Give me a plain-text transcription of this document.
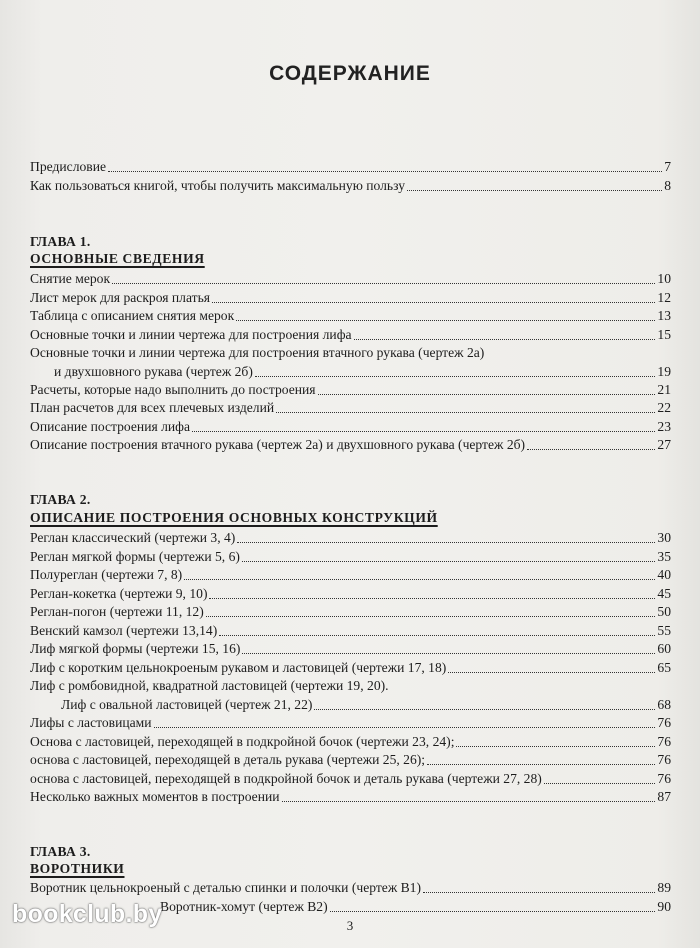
СОДЕРЖАНИЕ
Предисловие	7
Как пользоваться книгой, чтобы получить максимальную пользу	8
ГЛАВА 1.
ОСНОВНЫЕ СВЕДЕНИЯ
Снятие мерок	10
Лист мерок для раскроя платья	12
Таблица с описанием снятия мерок	13
Основные точки и линии чертежа для построения лифа	15
Основные точки и линии чертежа для построения втачного рукава (чертеж 2а)
и двухшовного рукава (чертеж 2б)	19
Расчеты, которые надо выполнить до построения	21
План расчетов для всех плечевых изделий	22
Описание построения лифа	23
Описание построения втачного рукава (чертеж 2а) и двухшовного рукава (чертеж 2б)	27
ГЛАВА 2.
ОПИСАНИЕ ПОСТРОЕНИЯ ОСНОВНЫХ КОНСТРУКЦИЙ
Реглан классический (чертежи 3, 4)	30
Реглан мягкой формы (чертежи 5, 6)	35
Полуреглан (чертежи 7, 8)	40
Реглан-кокетка (чертежи 9, 10)	45
Реглан-погон (чертежи 11, 12)	50
Венский камзол (чертежи 13,14)	55
Лиф мягкой формы (чертежи 15, 16)	60
Лиф с коротким цельнокроеным рукавом и ластовицей (чертежи 17, 18)	65
Лиф с ромбовидной, квадратной ластовицей (чертежи 19, 20).
Лиф с овальной ластовицей (чертеж 21, 22)	68
Лифы с ластовицами	76
Основа с ластовицей, переходящей в подкройной бочок (чертежи 23, 24);	76
основа с ластовицей, переходящей в деталь рукава (чертежи 25, 26);	76
основа с ластовицей, переходящей в подкройной бочок и деталь рукава (чертежи 27, 28)	76
Несколько важных моментов в построении	87
ГЛАВА 3.
ВОРОТНИКИ
Воротник цельнокроеный с деталью спинки и полочки (чертеж В1)	89
Воротник-хомут (чертеж В2)	90
3
bookclub.by
